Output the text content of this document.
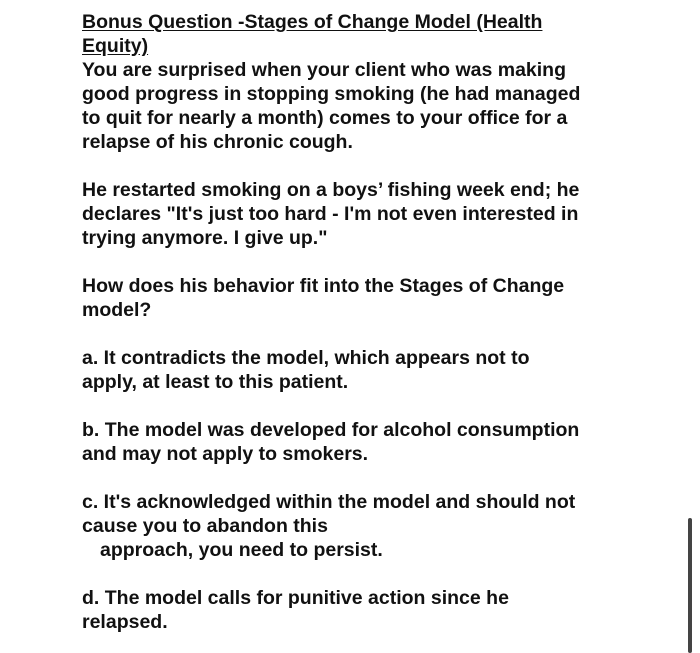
Bonus Question -Stages of Change Model (Health
Equity)
You are surprised when your client who was making
good progress in stopping smoking (he had managed
to quit for nearly a month) comes to your office for a
relapse of his chronic cough.
He restarted smoking on a boys’ fishing week end; he
declares "It's just too hard - I'm not even interested in
trying anymore. I give up."
How does his behavior fit into the Stages of Change
model?
a. It contradicts the model, which appears not to
apply, at least to this patient.
b. The model was developed for alcohol consumption
and may not apply to smokers.
c. It's acknowledged within the model and should not
cause you to abandon this
approach, you need to persist.
d. The model calls for punitive action since he
relapsed.
